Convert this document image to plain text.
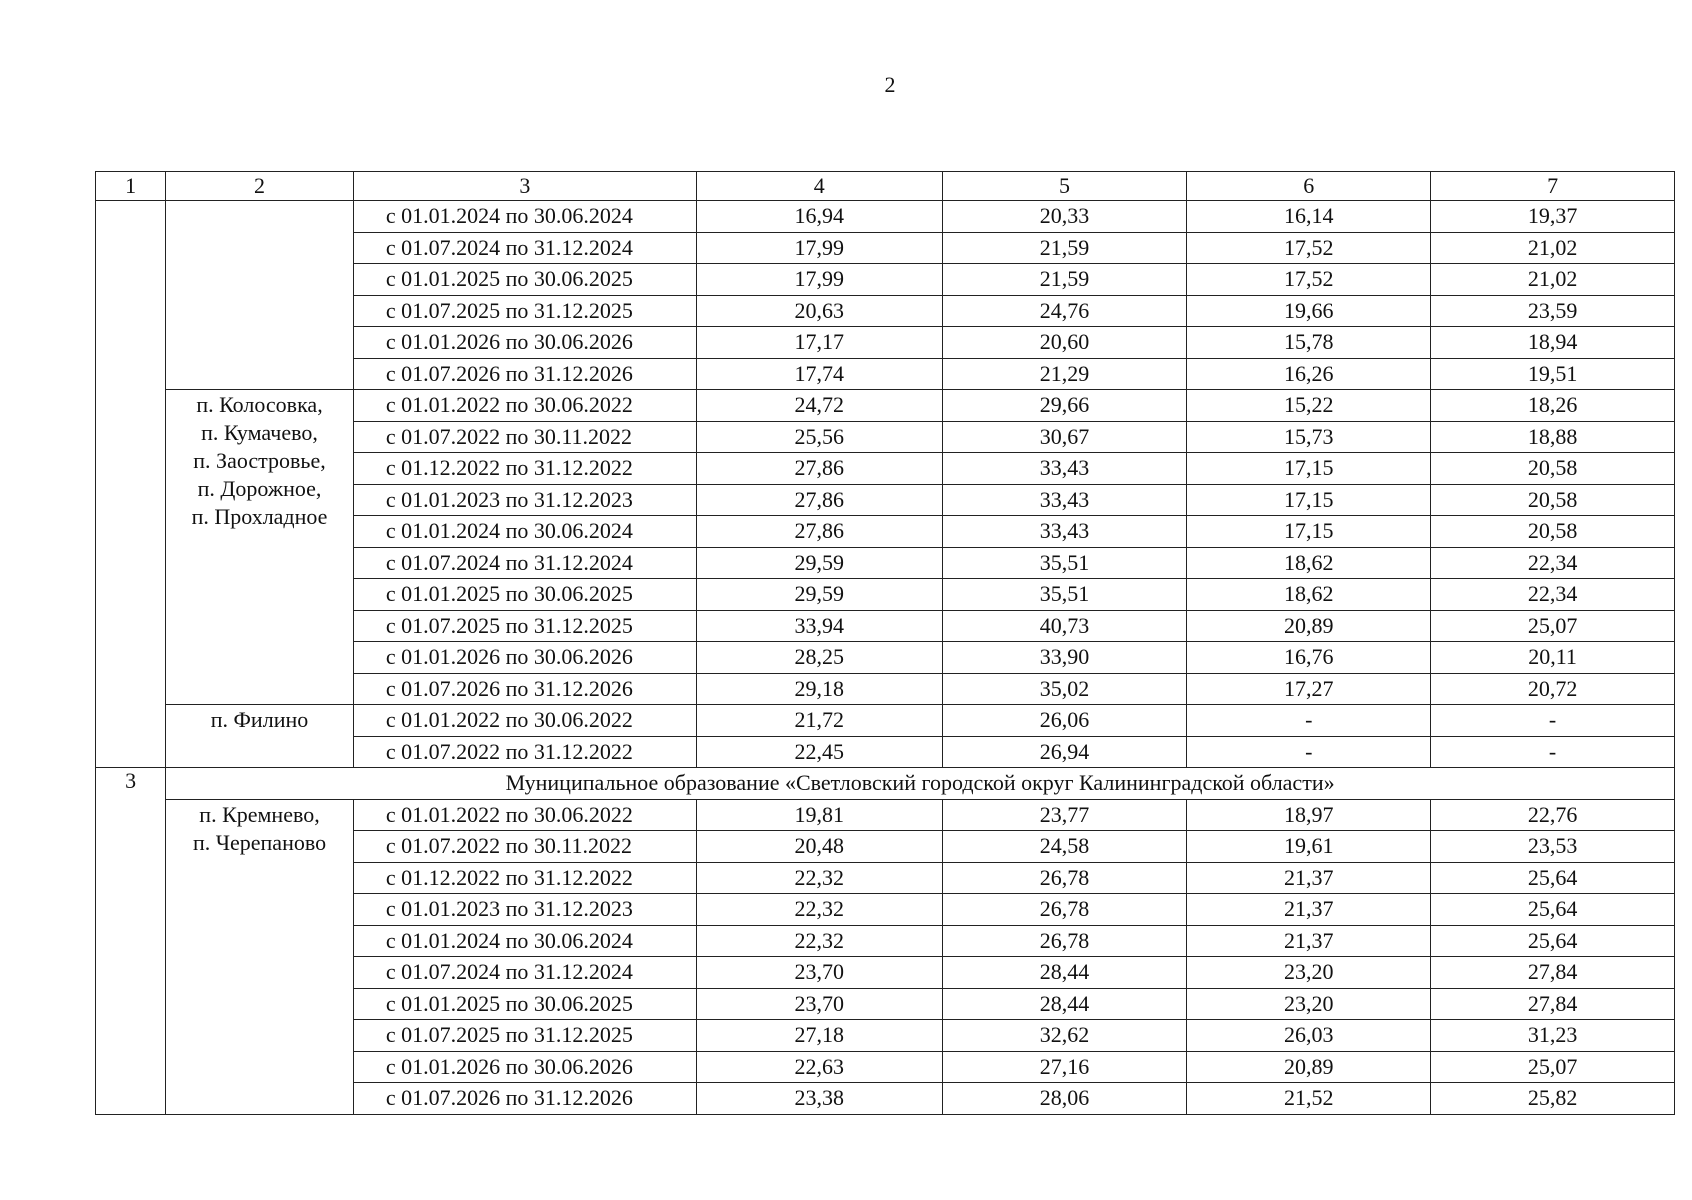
2
1	2	3	4	5	6	7
		с 01.01.2024 по 30.06.2024	16,94	20,33	16,14	19,37
		с 01.07.2024 по 31.12.2024	17,99	21,59	17,52	21,02
		с 01.01.2025 по 30.06.2025	17,99	21,59	17,52	21,02
		с 01.07.2025 по 31.12.2025	20,63	24,76	19,66	23,59
		с 01.01.2026 по 30.06.2026	17,17	20,60	15,78	18,94
		с 01.07.2026 по 31.12.2026	17,74	21,29	16,26	19,51

	п. Колосовка,
п. Кумачево,
п. Заостровье,
п. Дорожное,
п. Прохладное	с 01.01.2022 по 30.06.2022	24,72	29,66	15,22	18,26
		с 01.07.2022 по 30.11.2022	25,56	30,67	15,73	18,88
		с 01.12.2022 по 31.12.2022	27,86	33,43	17,15	20,58
		с 01.01.2023 по 31.12.2023	27,86	33,43	17,15	20,58
		с 01.01.2024 по 30.06.2024	27,86	33,43	17,15	20,58
		с 01.07.2024 по 31.12.2024	29,59	35,51	18,62	22,34
		с 01.01.2025 по 30.06.2025	29,59	35,51	18,62	22,34
		с 01.07.2025 по 31.12.2025	33,94	40,73	20,89	25,07
		с 01.01.2026 по 30.06.2026	28,25	33,90	16,76	20,11
		с 01.07.2026 по 31.12.2026	29,18	35,02	17,27	20,72

	п. Филино	с 01.01.2022 по 30.06.2022	21,72	26,06	-	-
		с 01.07.2022 по 31.12.2022	22,45	26,94	-	-
3	Муниципальное образование «Светловский городской округ Калининградской области»					

	п. Кремнево,
п. Черепаново	с 01.01.2022 по 30.06.2022	19,81	23,77	18,97	22,76
		с 01.07.2022 по 30.11.2022	20,48	24,58	19,61	23,53
		с 01.12.2022 по 31.12.2022	22,32	26,78	21,37	25,64
		с 01.01.2023 по 31.12.2023	22,32	26,78	21,37	25,64
		с 01.01.2024 по 30.06.2024	22,32	26,78	21,37	25,64
		с 01.07.2024 по 31.12.2024	23,70	28,44	23,20	27,84
		с 01.01.2025 по 30.06.2025	23,70	28,44	23,20	27,84
		с 01.07.2025 по 31.12.2025	27,18	32,62	26,03	31,23
		с 01.01.2026 по 30.06.2026	22,63	27,16	20,89	25,07
		с 01.07.2026 по 31.12.2026	23,38	28,06	21,52	25,82
